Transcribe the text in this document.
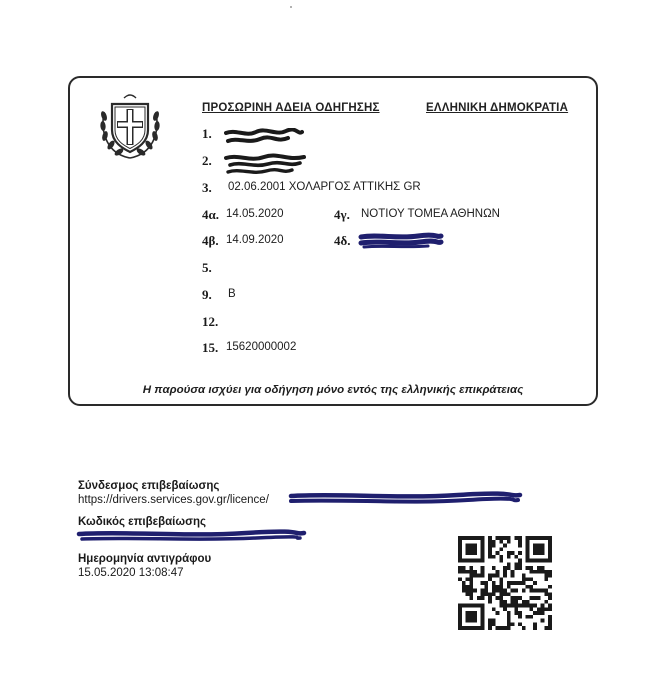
ΠΡΟΣΩΡΙΝΗ ΑΔΕΙΑ ΟΔΗΓΗΣΗΣ	ΕΛΛΗΝΙΚΗ ΔΗΜΟΚΡΑΤΙΑ
1.
2.
3. 02.06.2001 ΧΟΛΑΡΓΟΣ ΑΤΤΙΚΗΣ GR
4α. 14.05.2020	4γ. ΝΟΤΙΟΥ ΤΟΜΕΑ ΑΘΗΝΩΝ
4β. 14.09.2020	4δ.
5.
9. B
12.
15. 15620000002
Η παρούσα ισχύει για οδήγηση μόνο εντός της ελληνικής επικράτειας
Σύνδεσμος επιβεβαίωσης
https://drivers.services.gov.gr/licence/
Κωδικός επιβεβαίωσης
Ημερομηνία αντιγράφου
15.05.2020 13:08:47
